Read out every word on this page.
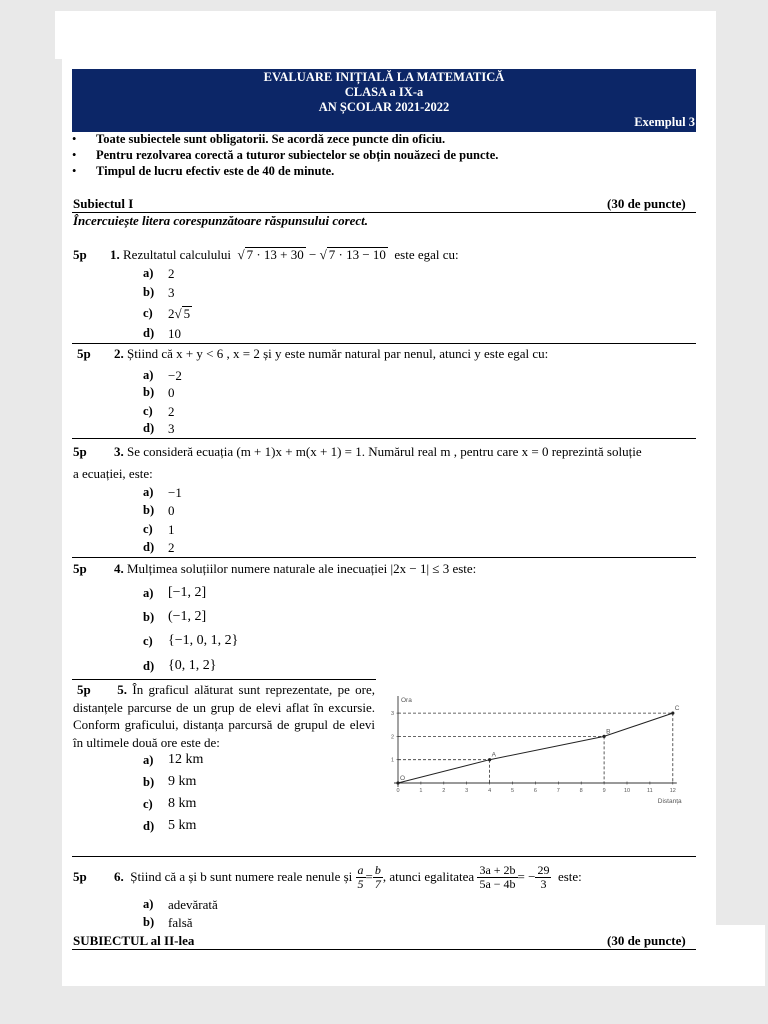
EVALUARE INIȚIALĂ LA MATEMATICĂ
CLASA a IX-a
AN ȘCOLAR 2021-2022
Exemplul 3
• Toate subiectele sunt obligatorii. Se acordă zece puncte din oficiu.
• Pentru rezolvarea corectă a tuturor subiectelor se obțin nouăzeci de puncte.
• Timpul de lucru efectiv este de 40 de minute.
Subiectul I	(30 de puncte)
Încercuiește litera corespunzătoare răspunsului corect.
5p 1. Rezultatul calculului  √ 7 · 13 + 30 − √ 7 · 13 − 10 este egal cu:
a) 2
b) 3
c) 2√ 5
d) 10
5p 2. Știind că x + y < 6 , x = 2 și y este număr natural par nenul, atunci y este egal cu:
a) −2
b) 0
c) 2
d) 3
5p 3. Se consideră ecuația (m + 1)x + m(x + 1) = 1. Numărul real m , pentru care x = 0 reprezintă soluție
a ecuației, este:
a) −1
b) 0
c) 1
d) 2
5p 4. Mulțimea soluțiilor numere naturale ale inecuației |2x − 1| ≤ 3 este:
a) [−1, 2]
b) (−1, 2]
c) {−1, 0, 1, 2}
d) {0, 1, 2}
5p 5. În graficul alăturat sunt reprezentate, pe ore, distanțele parcurse de un grup de elevi aflat în excursie. Conform graficului, distanța parcursă de grupul de elevi în ultimele două ore este de:
a) 12 km
b) 9 km
c) 8 km
d) 5 km
0	1	2	3	4	5	6	7	8	9	10	11	12
1
2
3
O
A
B
C
Ora
Distanța
5p 6.
Știind că a și b sunt numere reale nenule și
$\frac{a}{5} = \frac{b}{7}$ , atunci egalitatea
$\frac{3a + 2b}{5a - 4b}$ = − $\frac{29}{3}$
este:
a) adevărată
b) falsă
SUBIECTUL al II-lea	(30 de puncte)
